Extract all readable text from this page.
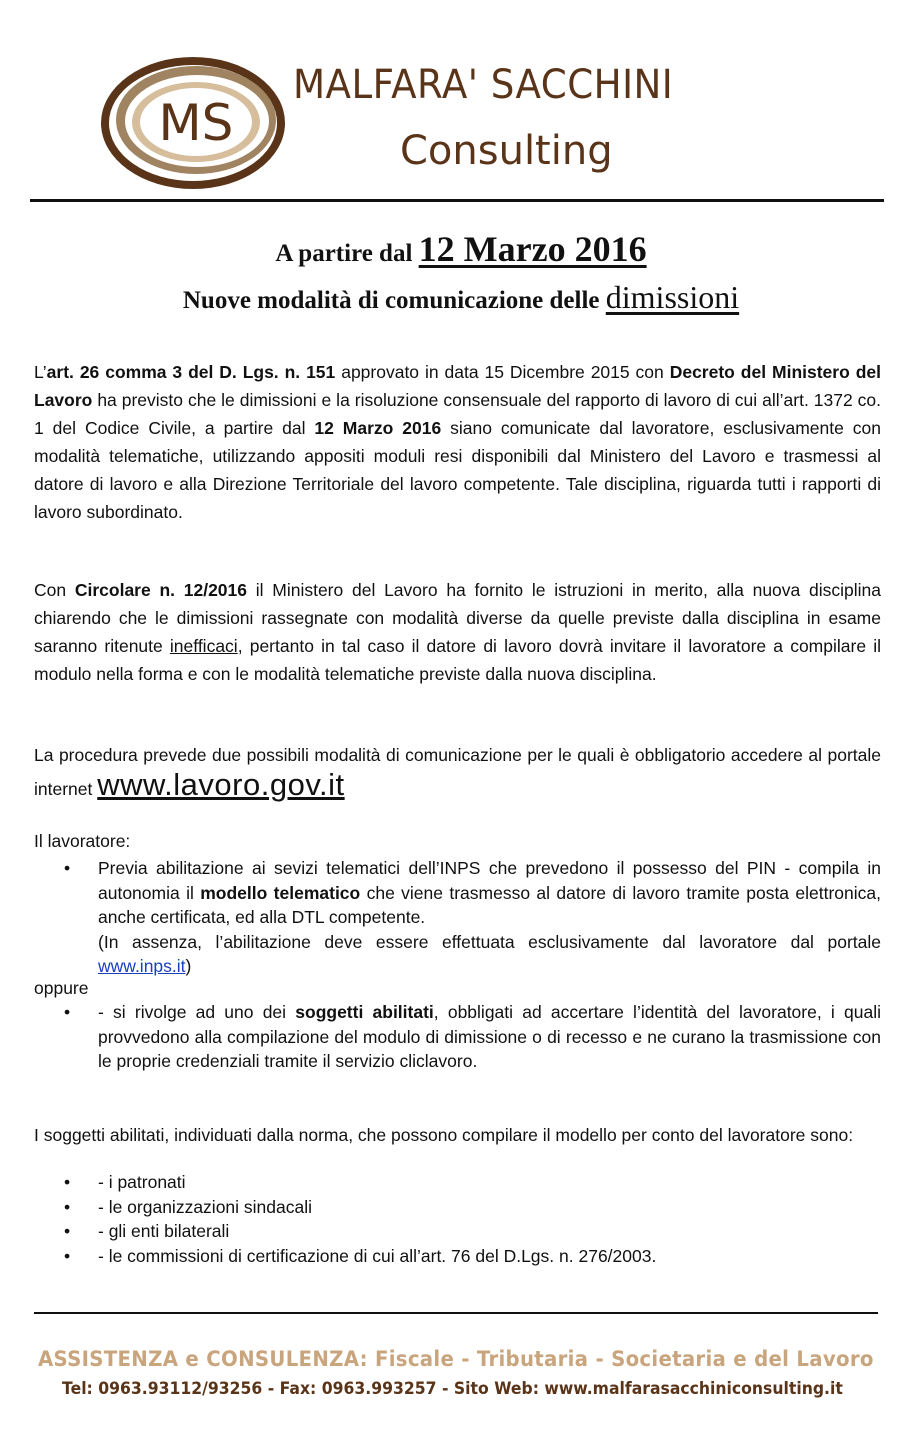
MS
MALFARA' SACCHINI
Consulting
A partire dal 12 Marzo 2016
Nuove modalità di comunicazione delle dimissioni
L’art. 26 comma 3 del D. Lgs. n. 151 approvato in data 15 Dicembre 2015 con Decreto del Ministero del Lavoro ha previsto che le dimissioni e la risoluzione consensuale del rapporto di lavoro di cui all’art. 1372 co. 1 del Codice Civile, a partire dal 12 Marzo 2016 siano comunicate dal lavoratore, esclusivamente con modalità telematiche, utilizzando appositi moduli resi disponibili dal Ministero del Lavoro e trasmessi al datore di lavoro e alla Direzione Territoriale del lavoro competente. Tale disciplina, riguarda tutti i rapporti di lavoro subordinato.
Con Circolare n. 12/2016 il Ministero del Lavoro ha fornito le istruzioni in merito, alla nuova disciplina chiarendo che le dimissioni rassegnate con modalità diverse da quelle previste dalla disciplina in esame saranno ritenute inefficaci, pertanto in tal caso il datore di lavoro dovrà invitare il lavoratore a compilare il modulo nella forma e con le modalità telematiche previste dalla nuova disciplina.
La procedura prevede due possibili modalità di comunicazione per le quali è obbligatorio accedere al portale internet www.lavoro.gov.it
Il lavoratore:
• Previa abilitazione ai sevizi telematici dell’INPS che prevedono il possesso del PIN - compila in autonomia il modello telematico che viene trasmesso al datore di lavoro tramite posta elettronica, anche certificata, ed alla DTL competente.
(In assenza, l’abilitazione deve essere effettuata esclusivamente dal lavoratore dal portale www.inps.it)
oppure
• - si rivolge ad uno dei soggetti abilitati, obbligati ad accertare l’identità del lavoratore, i quali provvedono alla compilazione del modulo di dimissione o di recesso e ne curano la trasmissione con le proprie credenziali tramite il servizio cliclavoro.
I soggetti abilitati, individuati dalla norma, che possono compilare il modello per conto del lavoratore sono:
• - i patronati
• - le organizzazioni sindacali
• - gli enti bilaterali
• - le commissioni di certificazione di cui all’art. 76 del D.Lgs. n. 276/2003.
ASSISTENZA e CONSULENZA: Fiscale - Tributaria - Societaria e del Lavoro
Tel: 0963.93112/93256 - Fax: 0963.993257 - Sito Web: www.malfarasacchiniconsulting.it
